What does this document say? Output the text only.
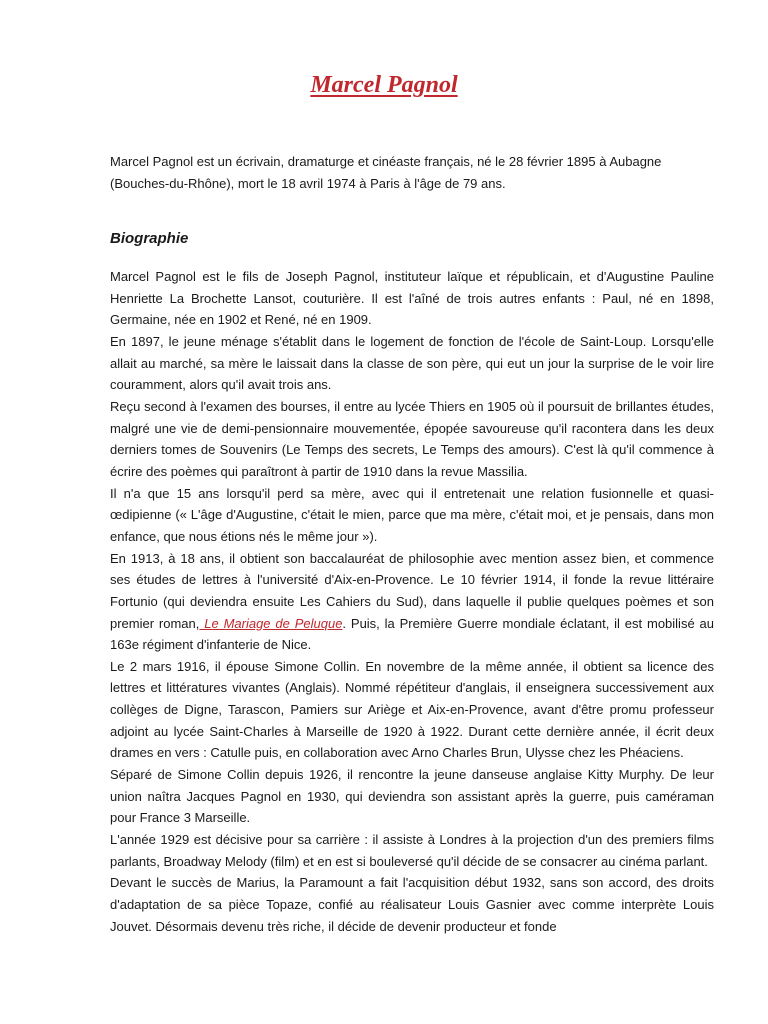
Marcel Pagnol

Marcel Pagnol est un écrivain, dramaturge et cinéaste français, né le 28 février 1895 à Aubagne (Bouches-du-Rhône), mort le 18 avril 1974 à Paris à l'âge de 79 ans.

Biographie

Marcel Pagnol est le fils de Joseph Pagnol, instituteur laïque et républicain, et d'Augustine Pauline Henriette La Brochette Lansot, couturière. Il est l'aîné de trois autres enfants : Paul, né en 1898, Germaine, née en 1902 et René, né en 1909.

En 1897, le jeune ménage s'établit dans le logement de fonction de l'école de Saint-Loup. Lorsqu'elle allait au marché, sa mère le laissait dans la classe de son père, qui eut un jour la surprise de le voir lire couramment, alors qu'il avait trois ans.

Reçu second à l'examen des bourses, il entre au lycée Thiers en 1905 où il poursuit de brillantes études, malgré une vie de demi-pensionnaire mouvementée, épopée savoureuse qu'il racontera dans les deux derniers tomes de Souvenirs (Le Temps des secrets, Le Temps des amours). C'est là qu'il commence à écrire des poèmes qui paraîtront à partir de 1910 dans la revue Massilia.

Il n'a que 15 ans lorsqu'il perd sa mère, avec qui il entretenait une relation fusionnelle et quasi-œdipienne (« L'âge d'Augustine, c'était le mien, parce que ma mère, c'était moi, et je pensais, dans mon enfance, que nous étions nés le même jour »).

En 1913, à 18 ans, il obtient son baccalauréat de philosophie avec mention assez bien, et commence ses études de lettres à l'université d'Aix-en-Provence. Le 10 février 1914, il fonde la revue littéraire Fortunio (qui deviendra ensuite Les Cahiers du Sud), dans laquelle il publie quelques poèmes et son premier roman, Le Mariage de Peluque. Puis, la Première Guerre mondiale éclatant, il est mobilisé au 163e régiment d'infanterie de Nice.

Le 2 mars 1916, il épouse Simone Collin. En novembre de la même année, il obtient sa licence des lettres et littératures vivantes (Anglais). Nommé répétiteur d'anglais, il enseignera successivement aux collèges de Digne, Tarascon, Pamiers sur Ariège et Aix-en-Provence, avant d'être promu professeur adjoint au lycée Saint-Charles à Marseille de 1920 à 1922. Durant cette dernière année, il écrit deux drames en vers : Catulle puis, en collaboration avec Arno Charles Brun, Ulysse chez les Phéaciens.

Séparé de Simone Collin depuis 1926, il rencontre la jeune danseuse anglaise Kitty Murphy. De leur union naîtra Jacques Pagnol en 1930, qui deviendra son assistant après la guerre, puis caméraman pour France 3 Marseille.

L'année 1929 est décisive pour sa carrière : il assiste à Londres à la projection d'un des premiers films parlants, Broadway Melody (film) et en est si bouleversé qu'il décide de se consacrer au cinéma parlant.

Devant le succès de Marius, la Paramount a fait l'acquisition début 1932, sans son accord, des droits d'adaptation de sa pièce Topaze, confié au réalisateur Louis Gasnier avec comme interprète Louis Jouvet. Désormais devenu très riche, il décide de devenir producteur et fonde
